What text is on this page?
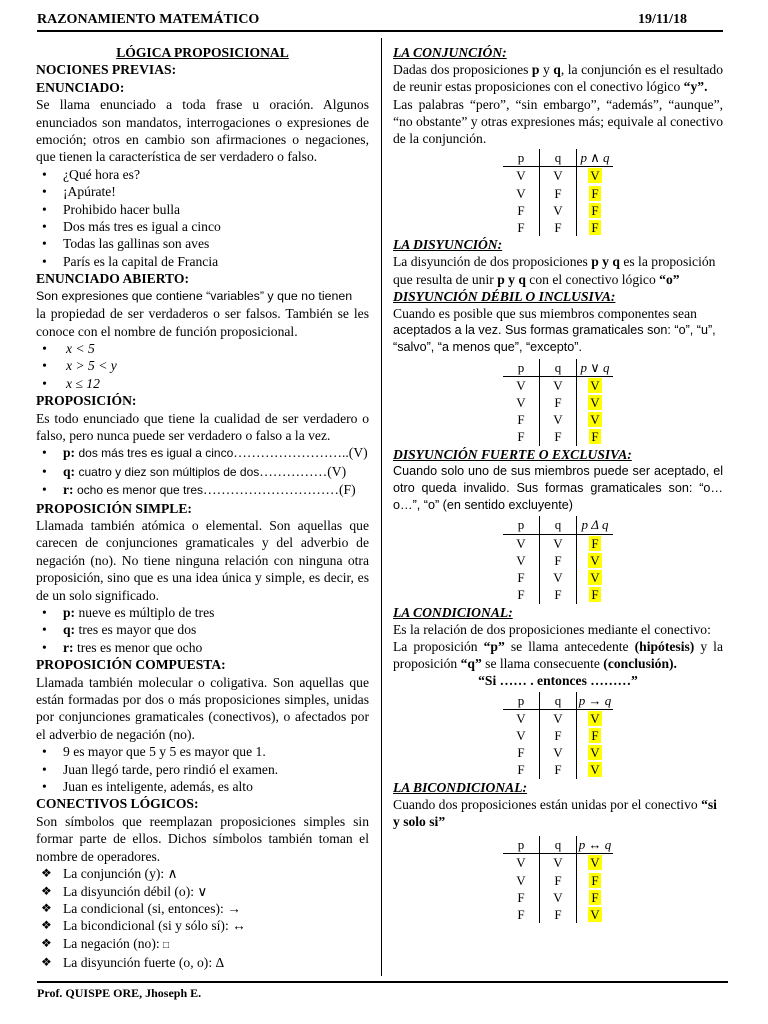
RAZONAMIENTO MATEMÁTICO	19/11/18
LÓGICA PROPOSICIONAL
NOCIONES PREVIAS:
ENUNCIADO:
Se llama enunciado a toda frase u oración. Algunos enunciados son mandatos, interrogaciones o expresiones de emoción; otros en cambio son afirmaciones o negaciones, que tienen la característica de ser verdadero o falso.
• ¿Qué hora es?
• ¡Apúrate!
• Prohibido hacer bulla
• Dos más tres es igual a cinco
• Todas las gallinas son aves
• París es la capital de Francia
ENUNCIADO ABIERTO:
Son expresiones que contiene “variables” y que no tienen
la propiedad de ser verdaderos o ser falsos. También se les conoce con el nombre de función proposicional.
• x < 5
• x > 5 < y
• x ≤ 12
PROPOSICIÓN:
Es todo enunciado que tiene la cualidad de ser verdadero o falso, pero nunca puede ser verdadero o falso a la vez.
• p: dos más tres es igual a cinco……………………..(V)
• q: cuatro y diez son múltiplos de dos……………(V)
• r: ocho es menor que tres…………………………(F)
PROPOSICIÓN SIMPLE:
Llamada también atómica o elemental. Son aquellas que carecen de conjunciones gramaticales y del adverbio de negación (no). No tiene ninguna relación con ninguna otra proposición, sino que es una idea única y simple, es decir, es de un solo significado.
• p: nueve es múltiplo de tres
• q: tres es mayor que dos
• r: tres es menor que ocho
PROPOSICIÓN COMPUESTA:
Llamada también molecular o coligativa. Son aquellas que están formadas por dos o más proposiciones simples, unidas por conjunciones gramaticales (conectivos), o afectados por el adverbio de negación (no).
• 9 es mayor que 5 y 5 es mayor que 1.
• Juan llegó tarde, pero rindió el examen.
• Juan es inteligente, además, es alto
CONECTIVOS LÓGICOS:
Son símbolos que reemplazan proposiciones simples sin formar parte de ellos. Dichos símbolos también toman el nombre de operadores.
❖ La conjunción (y): ∧
❖ La disyunción débil (o): ∨
❖ La condicional (si, entonces): →
❖ La bicondicional (si y sólo sí): ↔
❖ La negación (no): □
❖ La disyunción fuerte (o, o): Δ
LA CONJUNCIÓN:
Dadas dos proposiciones p y q, la conjunción es el resultado de reunir estas proposiciones con el conectivo lógico “y”.
Las palabras “pero”, “sin embargo”, “además”, “aunque”, “no obstante” y otras expresiones más; equivale al conectivo de la conjunción.
p	q	p ∧ q
V	V	V
V	F	F
F	V	F
F	F	F
LA DISYUNCIÓN:
La disyunción de dos proposiciones p y q es la proposición que resulta de unir p y q con el conectivo lógico “o”
DISYUNCIÓN DÉBIL O INCLUSIVA:
Cuando es posible que sus miembros componentes sean
aceptados a la vez. Sus formas gramaticales son: “o”, “u”, “salvo”, “a menos que”, “excepto”.
p	q	p ∨ q
V	V	V
V	F	V
F	V	V
F	F	F
DISYUNCIÓN FUERTE O EXCLUSIVA:
Cuando solo uno de sus miembros puede ser aceptado, el otro queda invalido. Sus formas gramaticales son: “o… o…”, “o” (en sentido excluyente)
p	q	p Δ q
V	V	F
V	F	V
F	V	V
F	F	F
LA CONDICIONAL:
Es la relación de dos proposiciones mediante el conectivo:
La proposición “p” se llama antecedente (hipótesis) y la proposición “q” se llama consecuente (conclusión).
“Si …… . entonces ………”
p	q	p → q
V	V	V
V	F	F
F	V	V
F	F	V
LA BICONDICIONAL:
Cuando dos proposiciones están unidas por el conectivo “si y solo si”
p	q	p ↔ q
V	V	V
V	F	F
F	V	F
F	F	V
Prof. QUISPE ORE, Jhoseph E.
